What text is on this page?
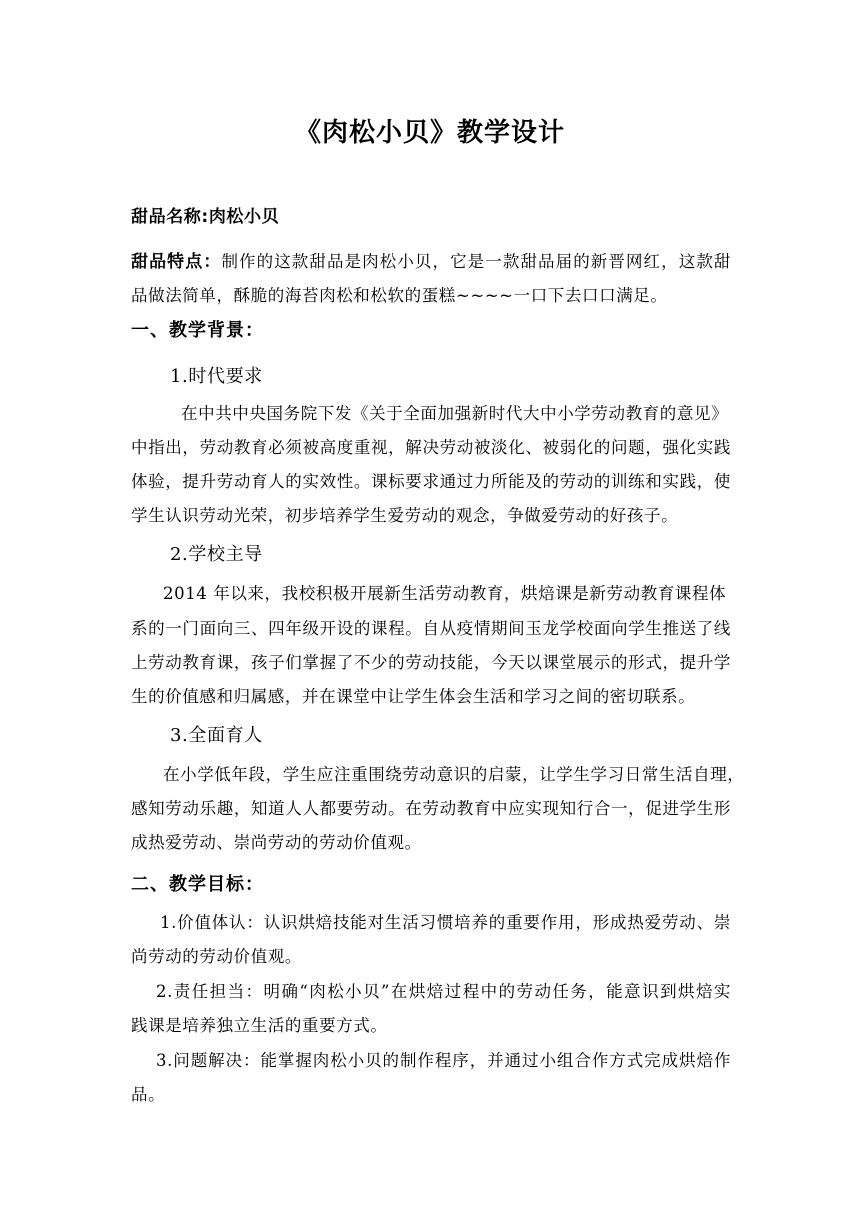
《肉松小贝》教学设计
甜品名称:肉松小贝
甜品特点：制作的这款甜品是肉松小贝，它是一款甜品届的新晋网红，这款甜
品做法简单，酥脆的海苔肉松和松软的蛋糕~~~~一口下去口口满足。
一、教学背景：
1.时代要求
在中共中央国务院下发《关于全面加强新时代大中小学劳动教育的意见》
中指出，劳动教育必须被高度重视，解决劳动被淡化、被弱化的问题，强化实践
体验，提升劳动育人的实效性。课标要求通过力所能及的劳动的训练和实践，使
学生认识劳动光荣，初步培养学生爱劳动的观念，争做爱劳动的好孩子。
2.学校主导
2014 年以来，我校积极开展新生活劳动教育，烘焙课是新劳动教育课程体
系的一门面向三、四年级开设的课程。自从疫情期间玉龙学校面向学生推送了线
上劳动教育课，孩子们掌握了不少的劳动技能，今天以课堂展示的形式，提升学
生的价值感和归属感，并在课堂中让学生体会生活和学习之间的密切联系。
3.全面育人
在小学低年段，学生应注重围绕劳动意识的启蒙，让学生学习日常生活自理，
感知劳动乐趣，知道人人都要劳动。在劳动教育中应实现知行合一，促进学生形
成热爱劳动、崇尚劳动的劳动价值观。
二、教学目标：
1.价值体认：认识烘焙技能对生活习惯培养的重要作用，形成热爱劳动、崇
尚劳动的劳动价值观。
2.责任担当：明确“肉松小贝”在烘焙过程中的劳动任务，能意识到烘焙实
践课是培养独立生活的重要方式。
3.问题解决：能掌握肉松小贝的制作程序，并通过小组合作方式完成烘焙作
品。
